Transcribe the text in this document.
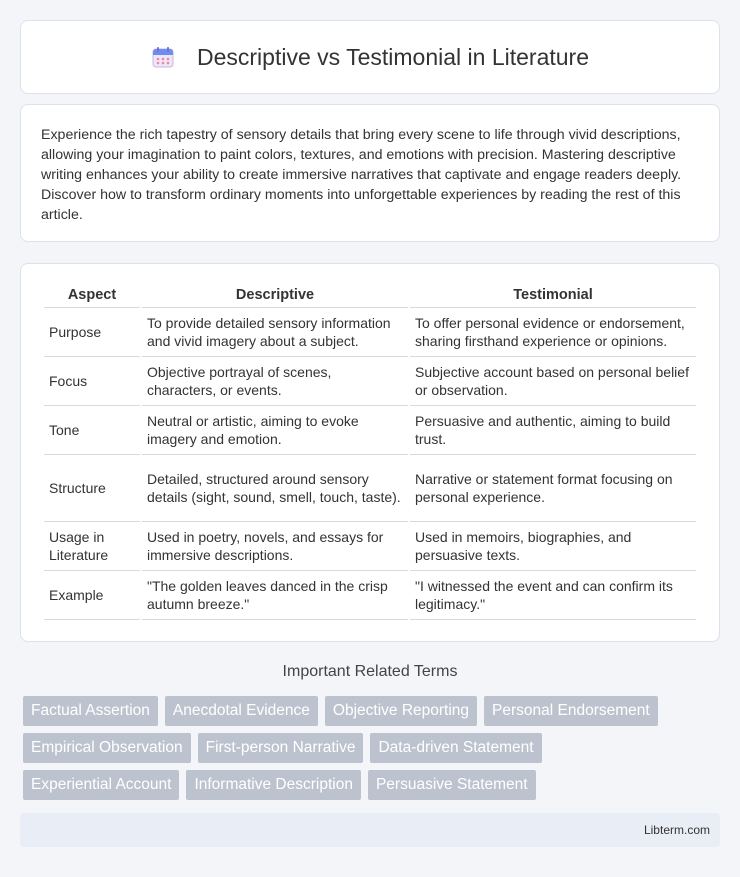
Descriptive vs Testimonial in Literature

Experience the rich tapestry of sensory details that bring every scene to life through vivid descriptions, allowing your imagination to paint colors, textures, and emotions with precision. Mastering descriptive writing enhances your ability to create immersive narratives that captivate and engage readers deeply. Discover how to transform ordinary moments into unforgettable experiences by reading the rest of this article.

Aspect	Descriptive	Testimonial
Purpose	To provide detailed sensory information and vivid imagery about a subject.	To offer personal evidence or endorsement, sharing firsthand experience or opinions.
Focus	Objective portrayal of scenes, characters, or events.	Subjective account based on personal belief or observation.
Tone	Neutral or artistic, aiming to evoke imagery and emotion.	Persuasive and authentic, aiming to build trust.
Structure	Detailed, structured around sensory details (sight, sound, smell, touch, taste).	Narrative or statement format focusing on personal experience.
Usage in Literature	Used in poetry, novels, and essays for immersive descriptions.	Used in memoirs, biographies, and persuasive texts.
Example	"The golden leaves danced in the crisp autumn breeze."	"I witnessed the event and can confirm its legitimacy."
Important Related Terms
Factual Assertion	Anecdotal Evidence	Objective Reporting	Personal Endorsement
Empirical Observation	First-person Narrative	Data-driven Statement
Experiential Account	Informative Description	Persuasive Statement
Libterm.com
